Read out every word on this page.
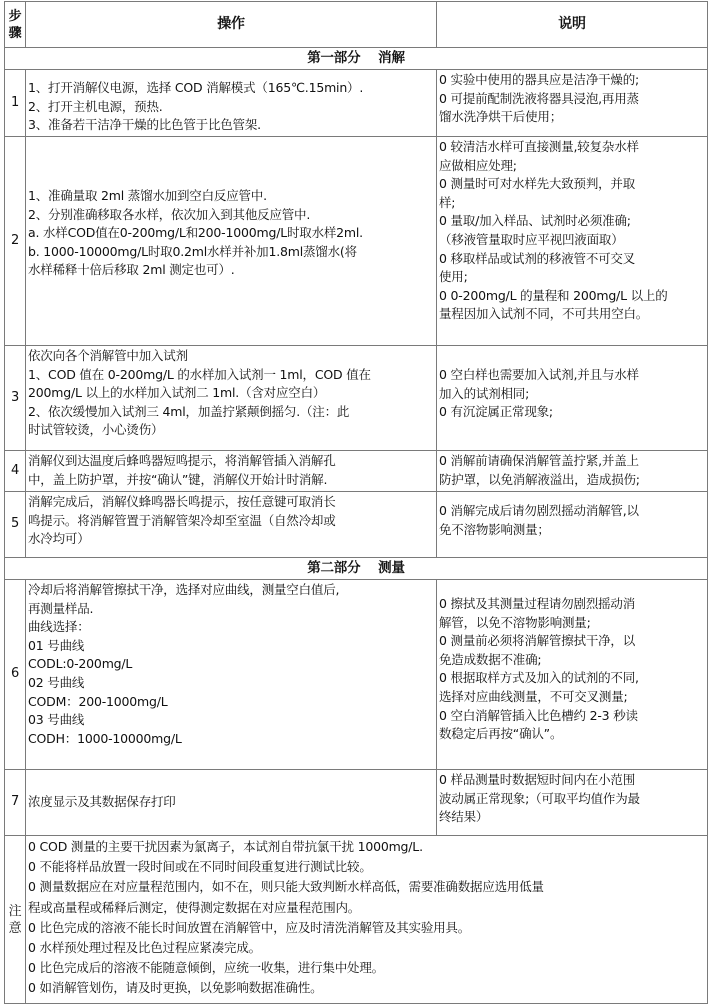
步
骤
操作	说明
第一部分　 消解
1
1、打开消解仪电源，选择 COD 消解模式（165℃.15min）.
2、打开主机电源，预热.
3、准备若干洁净干燥的比色管于比色管架.
0 实验中使用的器具应是洁净干燥的;
0 可提前配制洗液将器具浸泡,再用蒸
馏水洗净烘干后使用；
2
1、准确量取 2ml 蒸馏水加到空白反应管中.
2、分别准确移取各水样，依次加入到其他反应管中.
a. 水样COD值在0-200mg/L和200-1000mg/L时取水样2ml.
b. 1000-10000mg/L时取0.2ml水样并补加1.8ml蒸馏水(将
水样稀释十倍后移取 2ml 测定也可）.
0 较清洁水样可直接测量,较复杂水样
应做相应处理;
0 测量时可对水样先大致预判，并取
样;
0 量取/加入样品、试剂时必须准确;
（移液管量取时应平视凹液面取）
0 移取样品或试剂的移液管不可交叉
使用;
0 0-200mg/L 的量程和 200mg/L 以上的
量程因加入试剂不同，不可共用空白。
3
依次向各个消解管中加入试剂
1、COD 值在 0-200mg/L 的水样加入试剂一 1ml，COD 值在
200mg/L 以上的水样加入试剂二 1ml.（含对应空白）
2、依次缓慢加入试剂三 4ml，加盖拧紧颠倒摇匀.（注：此
时试管较烫，小心烫伤）
0 空白样也需要加入试剂,并且与水样
加入的试剂相同;
0 有沉淀属正常现象;
4
消解仪到达温度后蜂鸣器短鸣提示，将消解管插入消解孔
中，盖上防护罩，并按“确认”键，消解仪开始计时消解.
0 消解前请确保消解管盖拧紧,并盖上
防护罩，以免消解液溢出，造成损伤;
5
消解完成后，消解仪蜂鸣器长鸣提示，按任意键可取消长
鸣提示。将消解管置于消解管架冷却至室温（自然冷却或
水冷均可）
0 消解完成后请勿剧烈摇动消解管,以
免不溶物影响测量；
第二部分　 测量
6
冷却后将消解管擦拭干净，选择对应曲线，测量空白值后,
再测量样品.
曲线选择：
01 号曲线
CODL:0-200mg/L
02 号曲线
CODM：200-1000mg/L
03 号曲线
CODH：1000-10000mg/L
0 擦拭及其测量过程请勿剧烈摇动消
解管，以免不溶物影响测量;
0 测量前必须将消解管擦拭干净，以
免造成数据不准确;
0 根据取样方式及加入的试剂的不同,
选择对应曲线测量，不可交叉测量;
0 空白消解管插入比色槽约 2-3 秒读
数稳定后再按“确认”。
7 浓度显示及其数据保存打印
0 样品测量时数据短时间内在小范围
波动属正常现象;（可取平均值作为最
终结果）
注
意
0 COD 测量的主要干扰因素为氯离子，本试剂自带抗氯干扰 1000mg/L.
0 不能将样品放置一段时间或在不同时间段重复进行测试比较。
0 测量数据应在对应量程范围内，如不在，则只能大致判断水样高低，需要准确数据应选用低量
程或高量程或稀释后测定，使得测定数据在对应量程范围内。
0 比色完成的溶液不能长时间放置在消解管中，应及时清洗消解管及其实验用具。
0 水样预处理过程及比色过程应紧凑完成。
0 比色完成后的溶液不能随意倾倒，应统一收集，进行集中处理。
0 如消解管划伤，请及时更换，以免影响数据准确性。
